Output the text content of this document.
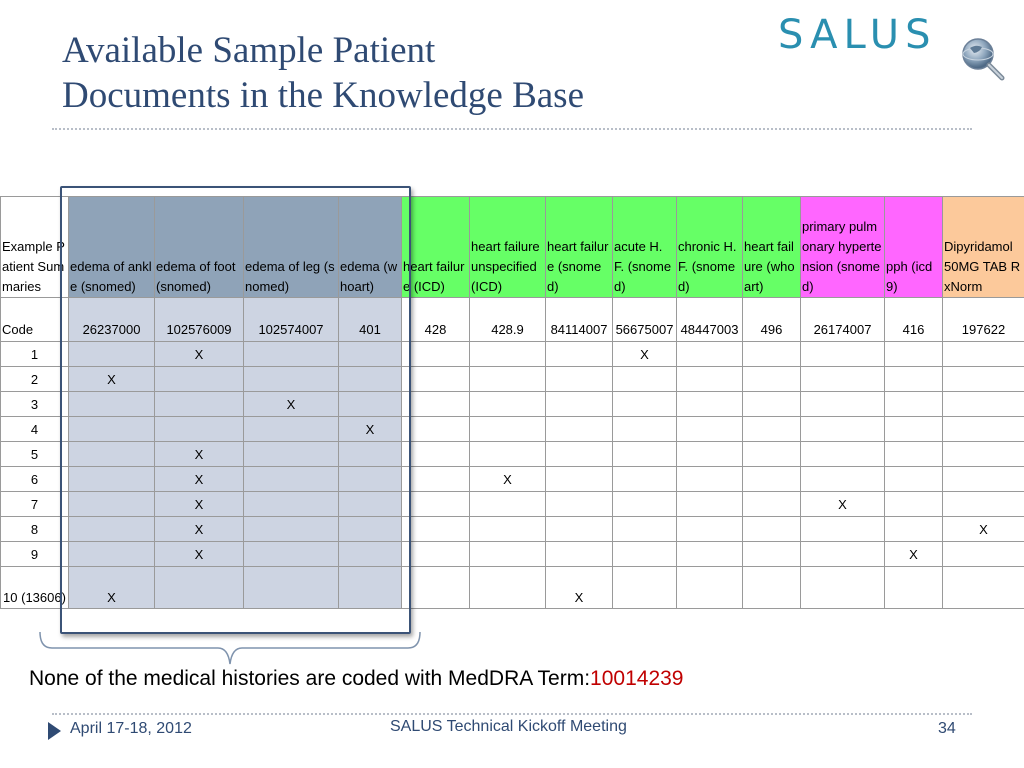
Available Sample Patient
Documents in the Knowledge Base
SALUS
Example Patient Summaries	edema of ankle (snomed)	edema of foot (snomed)	edema of leg (snomed)	edema (whoart)	heart failure (ICD)	heart failure unspecified (ICD)	heart failure (snomed)	acute H. F. (snomed)	chronic H. F. (snomed)	heart failure (whoart)	primary pulmonary hypertension (snomed)	pph (icd 9)	Dipyridamol 50MG TAB RxNorm
Code	26237000	102576009	102574007	401	428	428.9	84114007	56675007	48447003	496	26174007	416	197622
1		X						X					
2	X												
3			X										
4				X									
5		X											
6		X				X							
7		X									X		
8		X											X
9		X										X	
10 (13606)	X						X						
None of the medical histories are coded with MedDRA Term:10014239
April 17-18, 2012	SALUS Technical Kickoff Meeting	34
